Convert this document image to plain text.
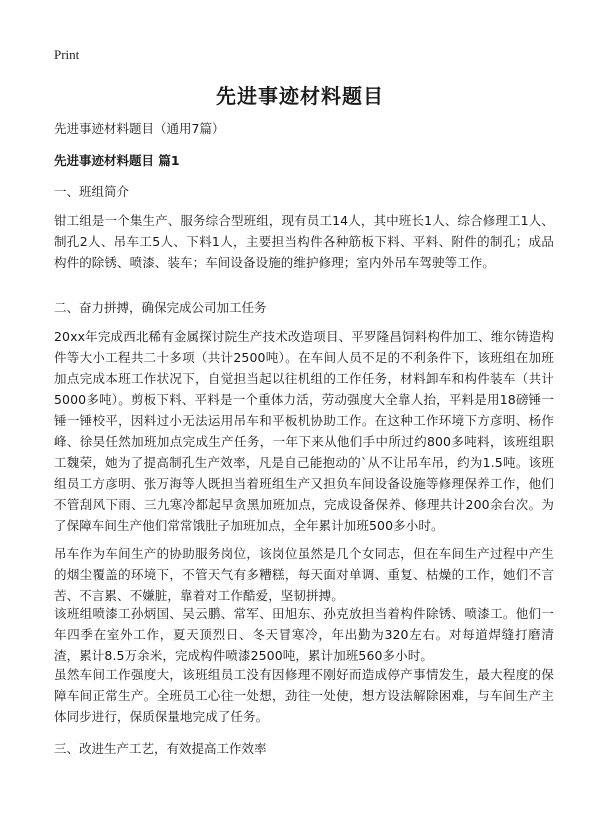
Print
先进事迹材料题目

先进事迹材料题目（通用7篇）

先进事迹材料题目 篇1

一、班组简介

钳工组是一个集生产、服务综合型班组，现有员工14人，其中班长1人、综合修理工1人、制孔2人、吊车工5人、下料1人，主要担当构件各种筋板下料、平料、附件的制孔；成品构件的除锈、喷漆、装车；车间设备设施的维护修理；室内外吊车驾驶等工作。

二、奋力拼搏，确保完成公司加工任务

20xx年完成西北稀有金属探讨院生产技术改造项目、平罗隆昌饲料构件加工、维尔铸造构件等大小工程共二十多项（共计2500吨）。在车间人员不足的不利条件下，该班组在加班加点完成本班工作状况下，自觉担当起以往机组的工作任务，材料卸车和构件装车（共计5000多吨）。剪板下料、平料是一个重体力活，劳动强度大全靠人抬，平料是用18磅锤一锤一锤校平，因料过小无法运用吊车和平板机协助工作。在这种工作环境下方彦明、杨作峰、徐昊任然加班加点完成生产任务，一年下来从他们手中所过约800多吨料，该班组职工魏荣，她为了提高制孔生产效率，凡是自己能抱动的`从不让吊车吊，约为1.5吨。该班组员工方彦明、张万海等人既担当着班组生产又担负车间设备设施等修理保养工作，他们不管刮风下雨、三九寒冷都起早贪黑加班加点，完成设备保养、修理共计200余台次。为了保障车间生产他们常常饿肚子加班加点，全年累计加班500多小时。

吊车作为车间生产的协助服务岗位，该岗位虽然是几个女同志，但在车间生产过程中产生的烟尘覆盖的环境下，不管天气有多糟糕，每天面对单调、重复、枯燥的工作，她们不言苦、不言累、不嫌脏，靠着对工作酷爱，坚韧拼搏。

该班组喷漆工孙炳国、吴云鹏、常军、田旭东、孙克放担当着构件除锈、喷漆工。他们一年四季在室外工作，夏天顶烈日、冬天冒寒冷，年出勤为320左右。对每道焊缝打磨清渣，累计8.5万余米，完成构件喷漆2500吨，累计加班560多小时。

虽然车间工作强度大，该班组员工没有因修理不刚好而造成停产事情发生，最大程度的保障车间正常生产。全班员工心往一处想，劲往一处使，想方设法解除困难，与车间生产主体同步进行，保质保量地完成了任务。

三、改进生产工艺，有效提高工作效率
